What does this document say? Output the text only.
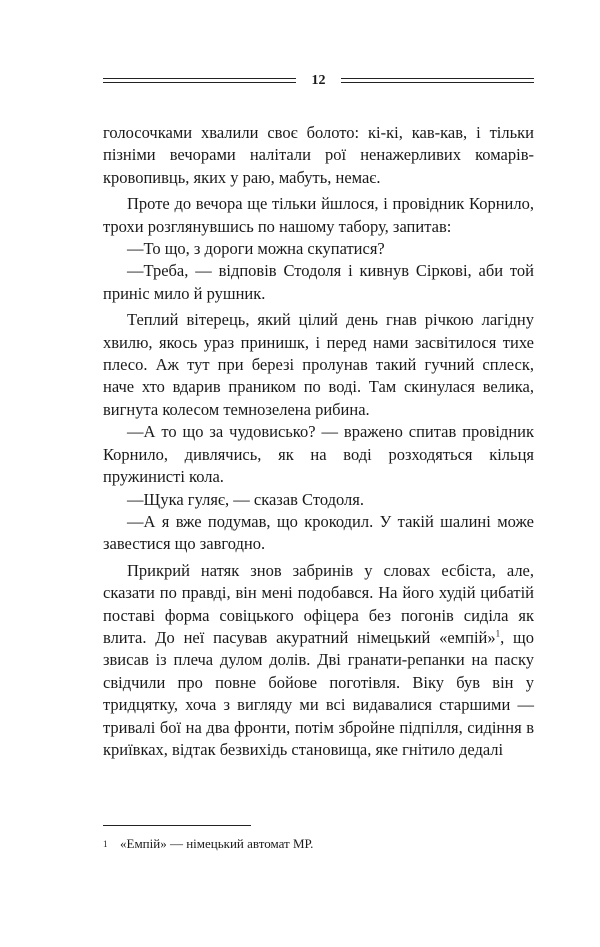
12

голосочками хвалили своє болото: кі-кі, кав-кав, і тільки пізніми вечорами налітали рої ненажерливих комарів-кровопивць, яких у раю, мабуть, немає.

Проте до вечора ще тільки йшлося, і провідник Корнило, трохи розглянувшись по нашому табору, запитав:

—То що, з дороги можна скупатися?

—Треба, — відповів Стодоля і кивнув Сіркові, аби той приніс мило й рушник.

Теплий вітерець, який цілий день гнав річкою лагідну хвилю, якось ураз принишк, і перед нами засвітилося тихе плесо. Аж тут при березі пролунав такий гучний сплеск, наче хто вдарив праником по воді. Там скинулася велика, вигнута колесом темнозелена рибина.

—А то що за чудовисько? — вражено спитав провідник Корнило, дивлячись, як на воді розходяться кільця пружинисті кола.

—Щука гуляє, — сказав Стодоля.

—А я вже подумав, що крокодил. У такій шалині може завестися що завгодно.

Прикрий натяк знов забринів у словах есбіста, але, сказати по правді, він мені подобався. На його худій цибатій поставі форма совіцького офіцера без погонів сиділа як влита. До неї пасував акуратний німецький «емпій»$^1$, що звисав із плеча дулом долів. Дві гранати-репанки на паску свідчили про повне бойове поготівля. Віку був він у тридцятку, хоча з вигляду ми всі видавалися старшими — тривалі бої на два фронти, потім збройне підпілля, сидіння в криївках, відтак безвихідь становища, яке гнітило дедалі

1 «Емпій» — німецький автомат МР.
